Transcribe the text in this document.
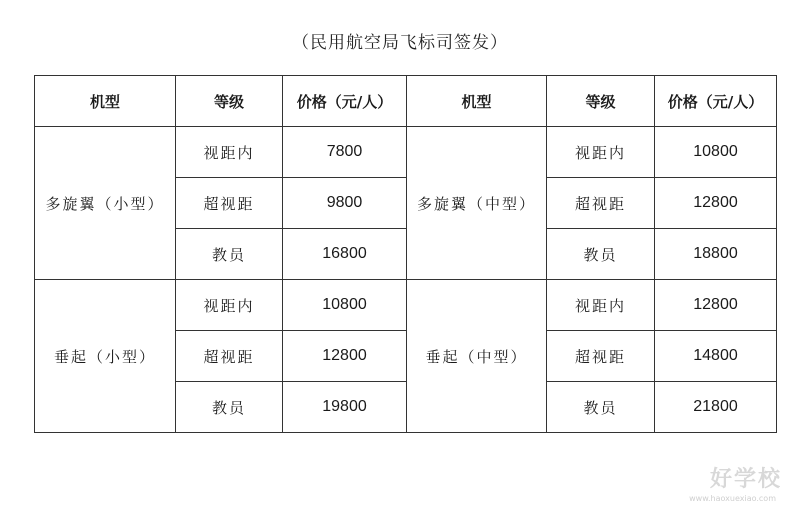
（民用航空局飞标司签发）
机型	等级	价格（元/人）	机型	等级	价格（元/人）
多旋翼（小型）	视距内	7800	多旋翼（中型）	视距内	10800
	超视距	9800		超视距	12800
	教员	16800		教员	18800
垂起（小型）	视距内	10800	垂起（中型）	视距内	12800
	超视距	12800		超视距	14800
	教员	19800		教员	21800
好学校
www.haoxuexiao.com
